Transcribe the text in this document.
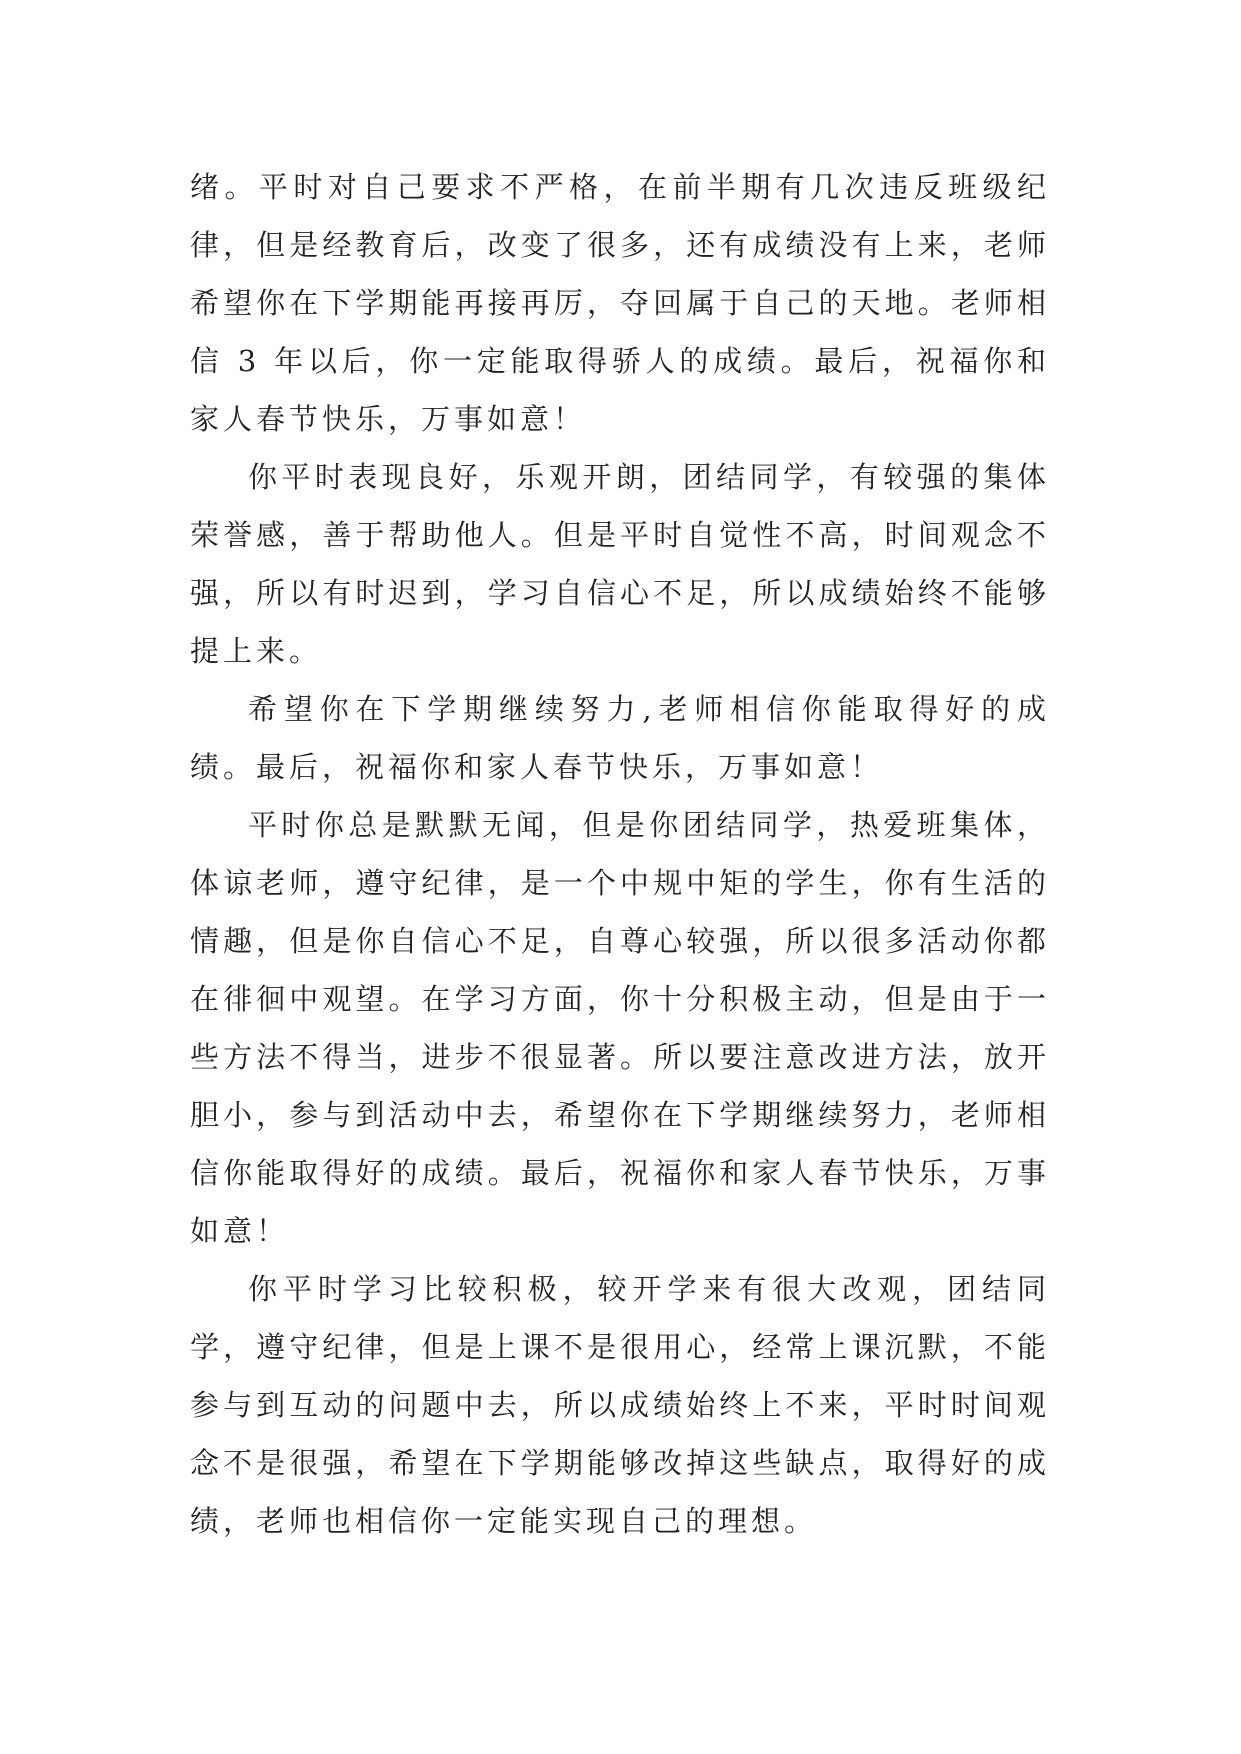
绪。平时对自己要求不严格，在前半期有几次违反班级纪律，但是经教育后，改变了很多，还有成绩没有上来，老师希望你在下学期能再接再厉，夺回属于自己的天地。老师相信 3 年以后，你一定能取得骄人的成绩。最后，祝福你和家人春节快乐，万事如意！

你平时表现良好，乐观开朗，团结同学，有较强的集体荣誉感，善于帮助他人。但是平时自觉性不高，时间观念不强，所以有时迟到，学习自信心不足，所以成绩始终不能够提上来。

希望你在下学期继续努力,老师相信你能取得好的成绩。最后，祝福你和家人春节快乐，万事如意！

平时你总是默默无闻，但是你团结同学，热爱班集体，体谅老师，遵守纪律，是一个中规中矩的学生，你有生活的情趣，但是你自信心不足，自尊心较强，所以很多活动你都在徘徊中观望。在学习方面，你十分积极主动，但是由于一些方法不得当，进步不很显著。所以要注意改进方法，放开胆小，参与到活动中去，希望你在下学期继续努力，老师相信你能取得好的成绩。最后，祝福你和家人春节快乐，万事如意！

你平时学习比较积极，较开学来有很大改观，团结同学，遵守纪律，但是上课不是很用心，经常上课沉默，不能参与到互动的问题中去，所以成绩始终上不来，平时时间观念不是很强，希望在下学期能够改掉这些缺点，取得好的成绩，老师也相信你一定能实现自己的理想。
